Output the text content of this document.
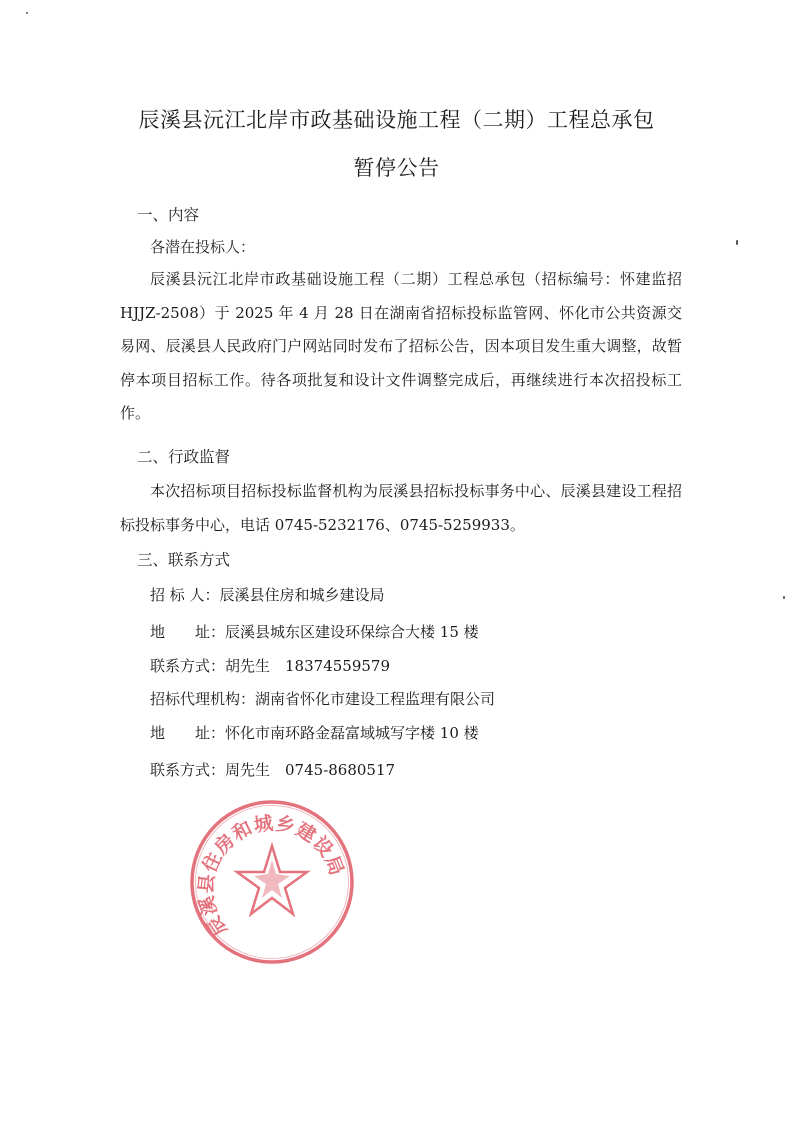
辰溪县沅江北岸市政基础设施工程（二期）工程总承包
暂停公告
一、内容
各潜在投标人：

辰溪县沅江北岸市政基础设施工程（二期）工程总承包（招标编号：怀建监招 HJJZ-2508）于 2025 年 4 月 28 日在湖南省招标投标监管网、怀化市公共资源交易网、辰溪县人民政府门户网站同时发布了招标公告，因本项目发生重大调整，故暂停本项目招标工作。待各项批复和设计文件调整完成后，再继续进行本次招投标工作。

二、行政监督

本次招标项目招标投标监督机构为辰溪县招标投标事务中心、辰溪县建设工程招标投标事务中心，电话 0745-5232176、0745-5259933。

三、联系方式
招 标 人：辰溪县住房和城乡建设局
地　　址：辰溪县城东区建设环保综合大楼 15 楼
联系方式：胡先生　18374559579
招标代理机构：湖南省怀化市建设工程监理有限公司
地　　址：怀化市南环路金磊富域城写字楼 10 楼
联系方式：周先生　0745-8680517
辰溪县住房和城乡建设局
